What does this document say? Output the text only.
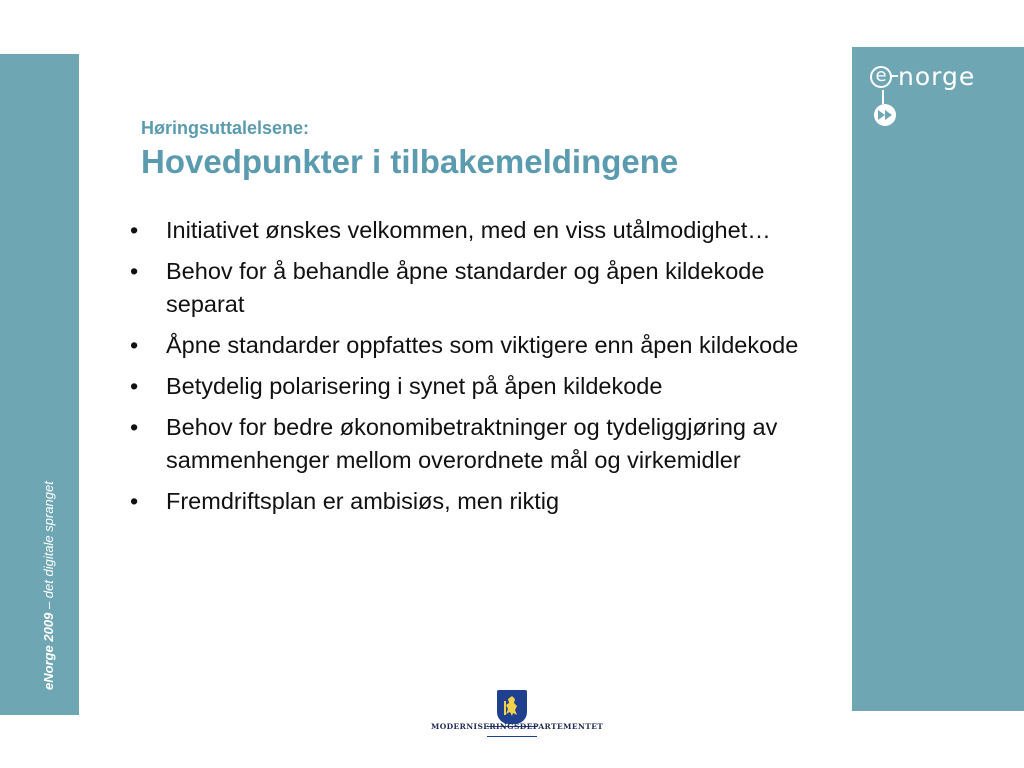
eNorge 2009 – det digitale spranget
e norge
Høringsuttalelsene:
Hovedpunkter i tilbakemeldingene
• Initiativet ønskes velkommen, med en viss utålmodighet…
• Behov for å behandle åpne standarder og åpen kildekode separat
• Åpne standarder oppfattes som viktigere enn åpen kildekode
• Betydelig polarisering i synet på åpen kildekode
• Behov for bedre økonomibetraktninger og tydeliggjøring av sammenhenger mellom overordnete mål og virkemidler
• Fremdriftsplan er ambisiøs, men riktig
MODERNISERINGSDEPARTEMENTET
